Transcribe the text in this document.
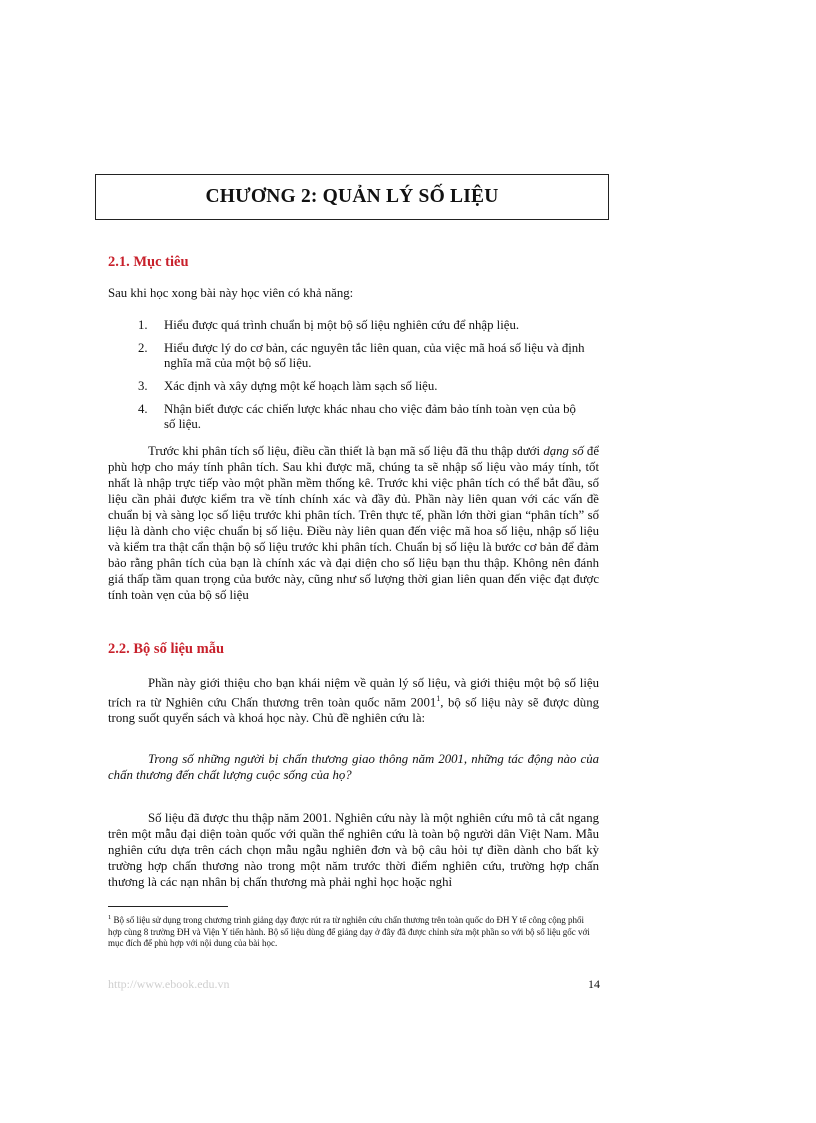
CHƯƠNG 2: QUẢN LÝ SỐ LIỆU
2.1. Mục tiêu

Sau khi học xong bài này học viên có khả năng:

1. Hiểu được quá trình chuẩn bị một bộ số liệu nghiên cứu để nhập liệu.
2. Hiểu được lý do cơ bản, các nguyên tắc liên quan, của việc mã hoá số liệu và định nghĩa mã của một bộ số liệu.
3. Xác định và xây dựng một kế hoạch làm sạch số liệu.
4. Nhận biết được các chiến lược khác nhau cho việc đảm bảo tính toàn vẹn của bộ số liệu.

Trước khi phân tích số liệu, điều cần thiết là bạn mã số liệu đã thu thập dưới dạng số để phù hợp cho máy tính phân tích. Sau khi được mã, chúng ta sẽ nhập số liệu vào máy tính, tốt nhất là nhập trực tiếp vào một phần mềm thống kê. Trước khi việc phân tích có thể bắt đầu, số liệu cần phải được kiểm tra về tính chính xác và đầy đủ. Phần này liên quan với các vấn đề chuẩn bị và sàng lọc số liệu trước khi phân tích. Trên thực tế, phần lớn thời gian “phân tích” số liệu là dành cho việc chuẩn bị số liệu. Điều này liên quan đến việc mã hoa số liệu, nhập số liệu và kiểm tra thật cẩn thận bộ số liệu trước khi phân tích. Chuẩn bị số liệu là bước cơ bản để đảm bảo rằng phân tích của bạn là chính xác và đại diện cho số liệu bạn thu thập. Không nên đánh giá thấp tầm quan trọng của bước này, cũng như số lượng thời gian liên quan đến việc đạt được tính toàn vẹn của bộ số liệu

2.2. Bộ số liệu mẫu

Phần này giới thiệu cho bạn khái niệm về quản lý số liệu, và giới thiệu một bộ số liệu trích ra từ Nghiên cứu Chấn thương trên toàn quốc năm 2001$^1$, bộ số liệu này sẽ được dùng trong suốt quyển sách và khoá học này. Chủ đề nghiên cứu là:

Trong số những người bị chấn thương giao thông năm 2001, những tác động nào của chấn thương đến chất lượng cuộc sống của họ?

Số liệu đã được thu thập năm 2001. Nghiên cứu này là một nghiên cứu mô tả cắt ngang trên một mẫu đại diện toàn quốc với quần thể nghiên cứu là toàn bộ người dân Việt Nam. Mẫu nghiên cứu dựa trên cách chọn mẫu ngẫu nghiên đơn và bộ câu hỏi tự điền dành cho bất kỳ trường hợp chấn thương nào trong một năm trước thời điểm nghiên cứu, trường hợp chấn thương là các nạn nhân bị chấn thương mà phải nghỉ học hoặc nghỉ

$^1$ Bộ số liệu sử dụng trong chương trình giảng dạy được rút ra từ nghiên cứu chấn thương trên toàn quốc do ĐH Y tế công cộng phối hợp cùng 8 trường ĐH và Viện Y tiến hành. Bộ số liệu dùng để giảng dạy ở đây đã được chỉnh sửa một phần so với bộ số liệu gốc với mục đích để phù hợp với nội dung của bài học.

http://www.ebook.edu.vn	14
